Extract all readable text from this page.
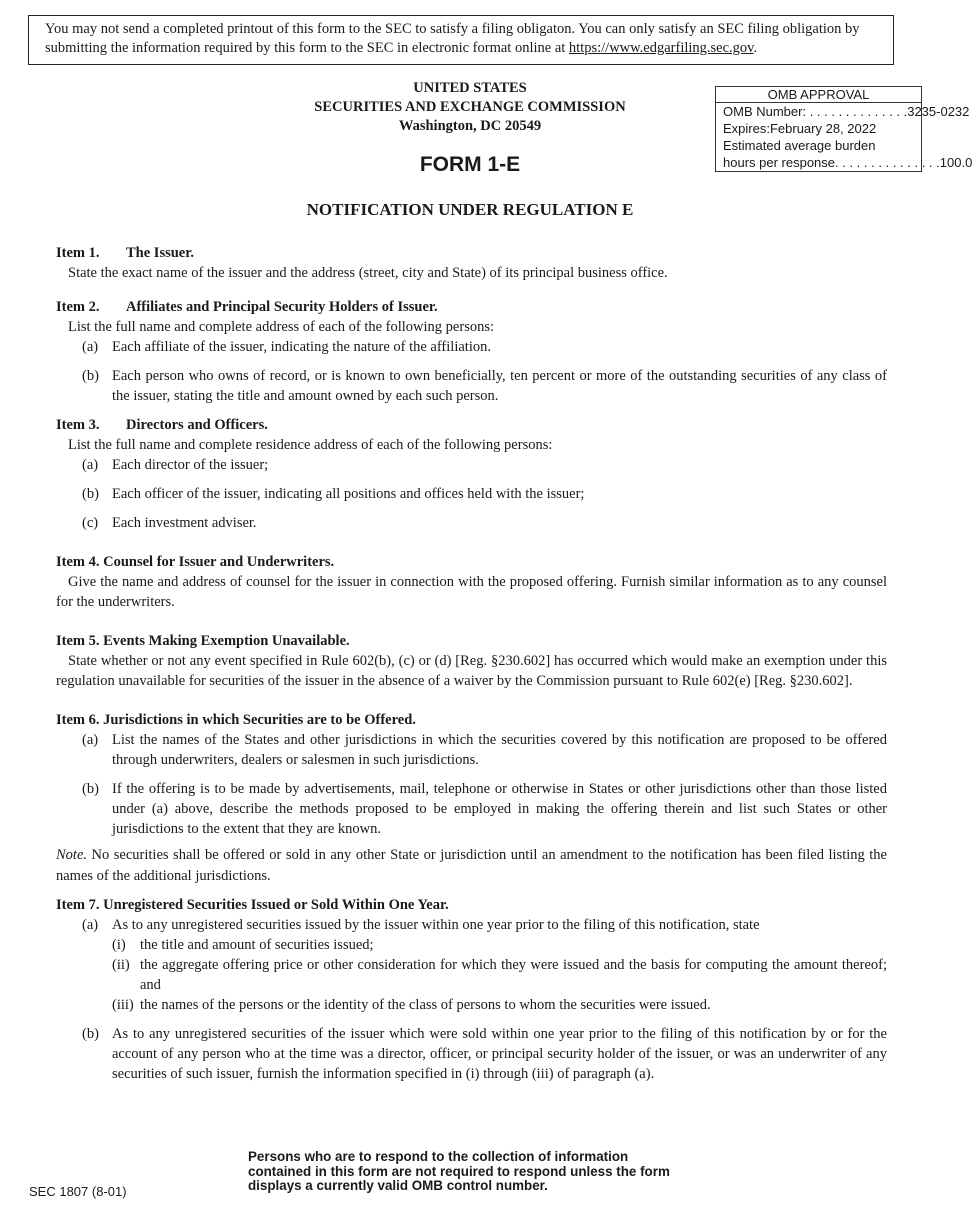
You may not send a completed printout of this form to the SEC to satisfy a filing obligaton. You can only satisfy an SEC filing obligation by submitting the information required by this form to the SEC in electronic format online at https://www.edgarfiling.sec.gov.
UNITED STATES
SECURITIES AND EXCHANGE COMMISSION
Washington, DC 20549
OMB APPROVAL
OMB Number: . . . . . . . . . . . . . . 3235-0232
Expires:February 28, 2022
Estimated average burden
hours per response . . . . . . . . . . . . . . . 100.0
FORM 1-E
NOTIFICATION UNDER REGULATION E
Item 1. The Issuer.
State the exact name of the issuer and the address (street, city and State) of its principal business office.
Item 2. Affiliates and Principal Security Holders of Issuer.
List the full name and complete address of each of the following persons:
(a) Each affiliate of the issuer, indicating the nature of the affiliation.
(b) Each person who owns of record, or is known to own beneficially, ten percent or more of the outstanding securities of any class of the issuer, stating the title and amount owned by each such person.
Item 3. Directors and Officers.
List the full name and complete residence address of each of the following persons:
(a) Each director of the issuer;
(b) Each officer of the issuer, indicating all positions and offices held with the issuer;
(c) Each investment adviser.
Item 4. Counsel for Issuer and Underwriters.
Give the name and address of counsel for the issuer in connection with the proposed offering. Furnish similar information as to any counsel for the underwriters.
Item 5. Events Making Exemption Unavailable.
State whether or not any event specified in Rule 602(b), (c) or (d) [Reg. §230.602] has occurred which would make an exemption under this regulation unavailable for securities of the issuer in the absence of a waiver by the Commission pursuant to Rule 602(e) [Reg. §230.602].
Item 6. Jurisdictions in which Securities are to be Offered.
(a) List the names of the States and other jurisdictions in which the securities covered by this notification are proposed to be offered through underwriters, dealers or salesmen in such jurisdictions.
(b) If the offering is to be made by advertisements, mail, telephone or otherwise in States or other jurisdictions other than those listed under (a) above, describe the methods proposed to be employed in making the offering therein and list such States or other jurisdictions to the extent that they are known.
Note. No securities shall be offered or sold in any other State or jurisdiction until an amendment to the notification has been filed listing the names of the additional jurisdictions.
Item 7. Unregistered Securities Issued or Sold Within One Year.
(a) As to any unregistered securities issued by the issuer within one year prior to the filing of this notification, state
(i) the title and amount of securities issued;
(ii) the aggregate offering price or other consideration for which they were issued and the basis for computing the amount thereof; and
(iii) the names of the persons or the identity of the class of persons to whom the securities were issued.
(b) As to any unregistered securities of the issuer which were sold within one year prior to the filing of this notification by or for the account of any person who at the time was a director, officer, or principal security holder of the issuer, or was an underwriter of any securities of such issuer, furnish the information specified in (i) through (iii) of paragraph (a).
Persons who are to respond to the collection of information contained in this form are not required to respond unless the form displays a currently valid OMB control number.
SEC 1807 (8-01)
